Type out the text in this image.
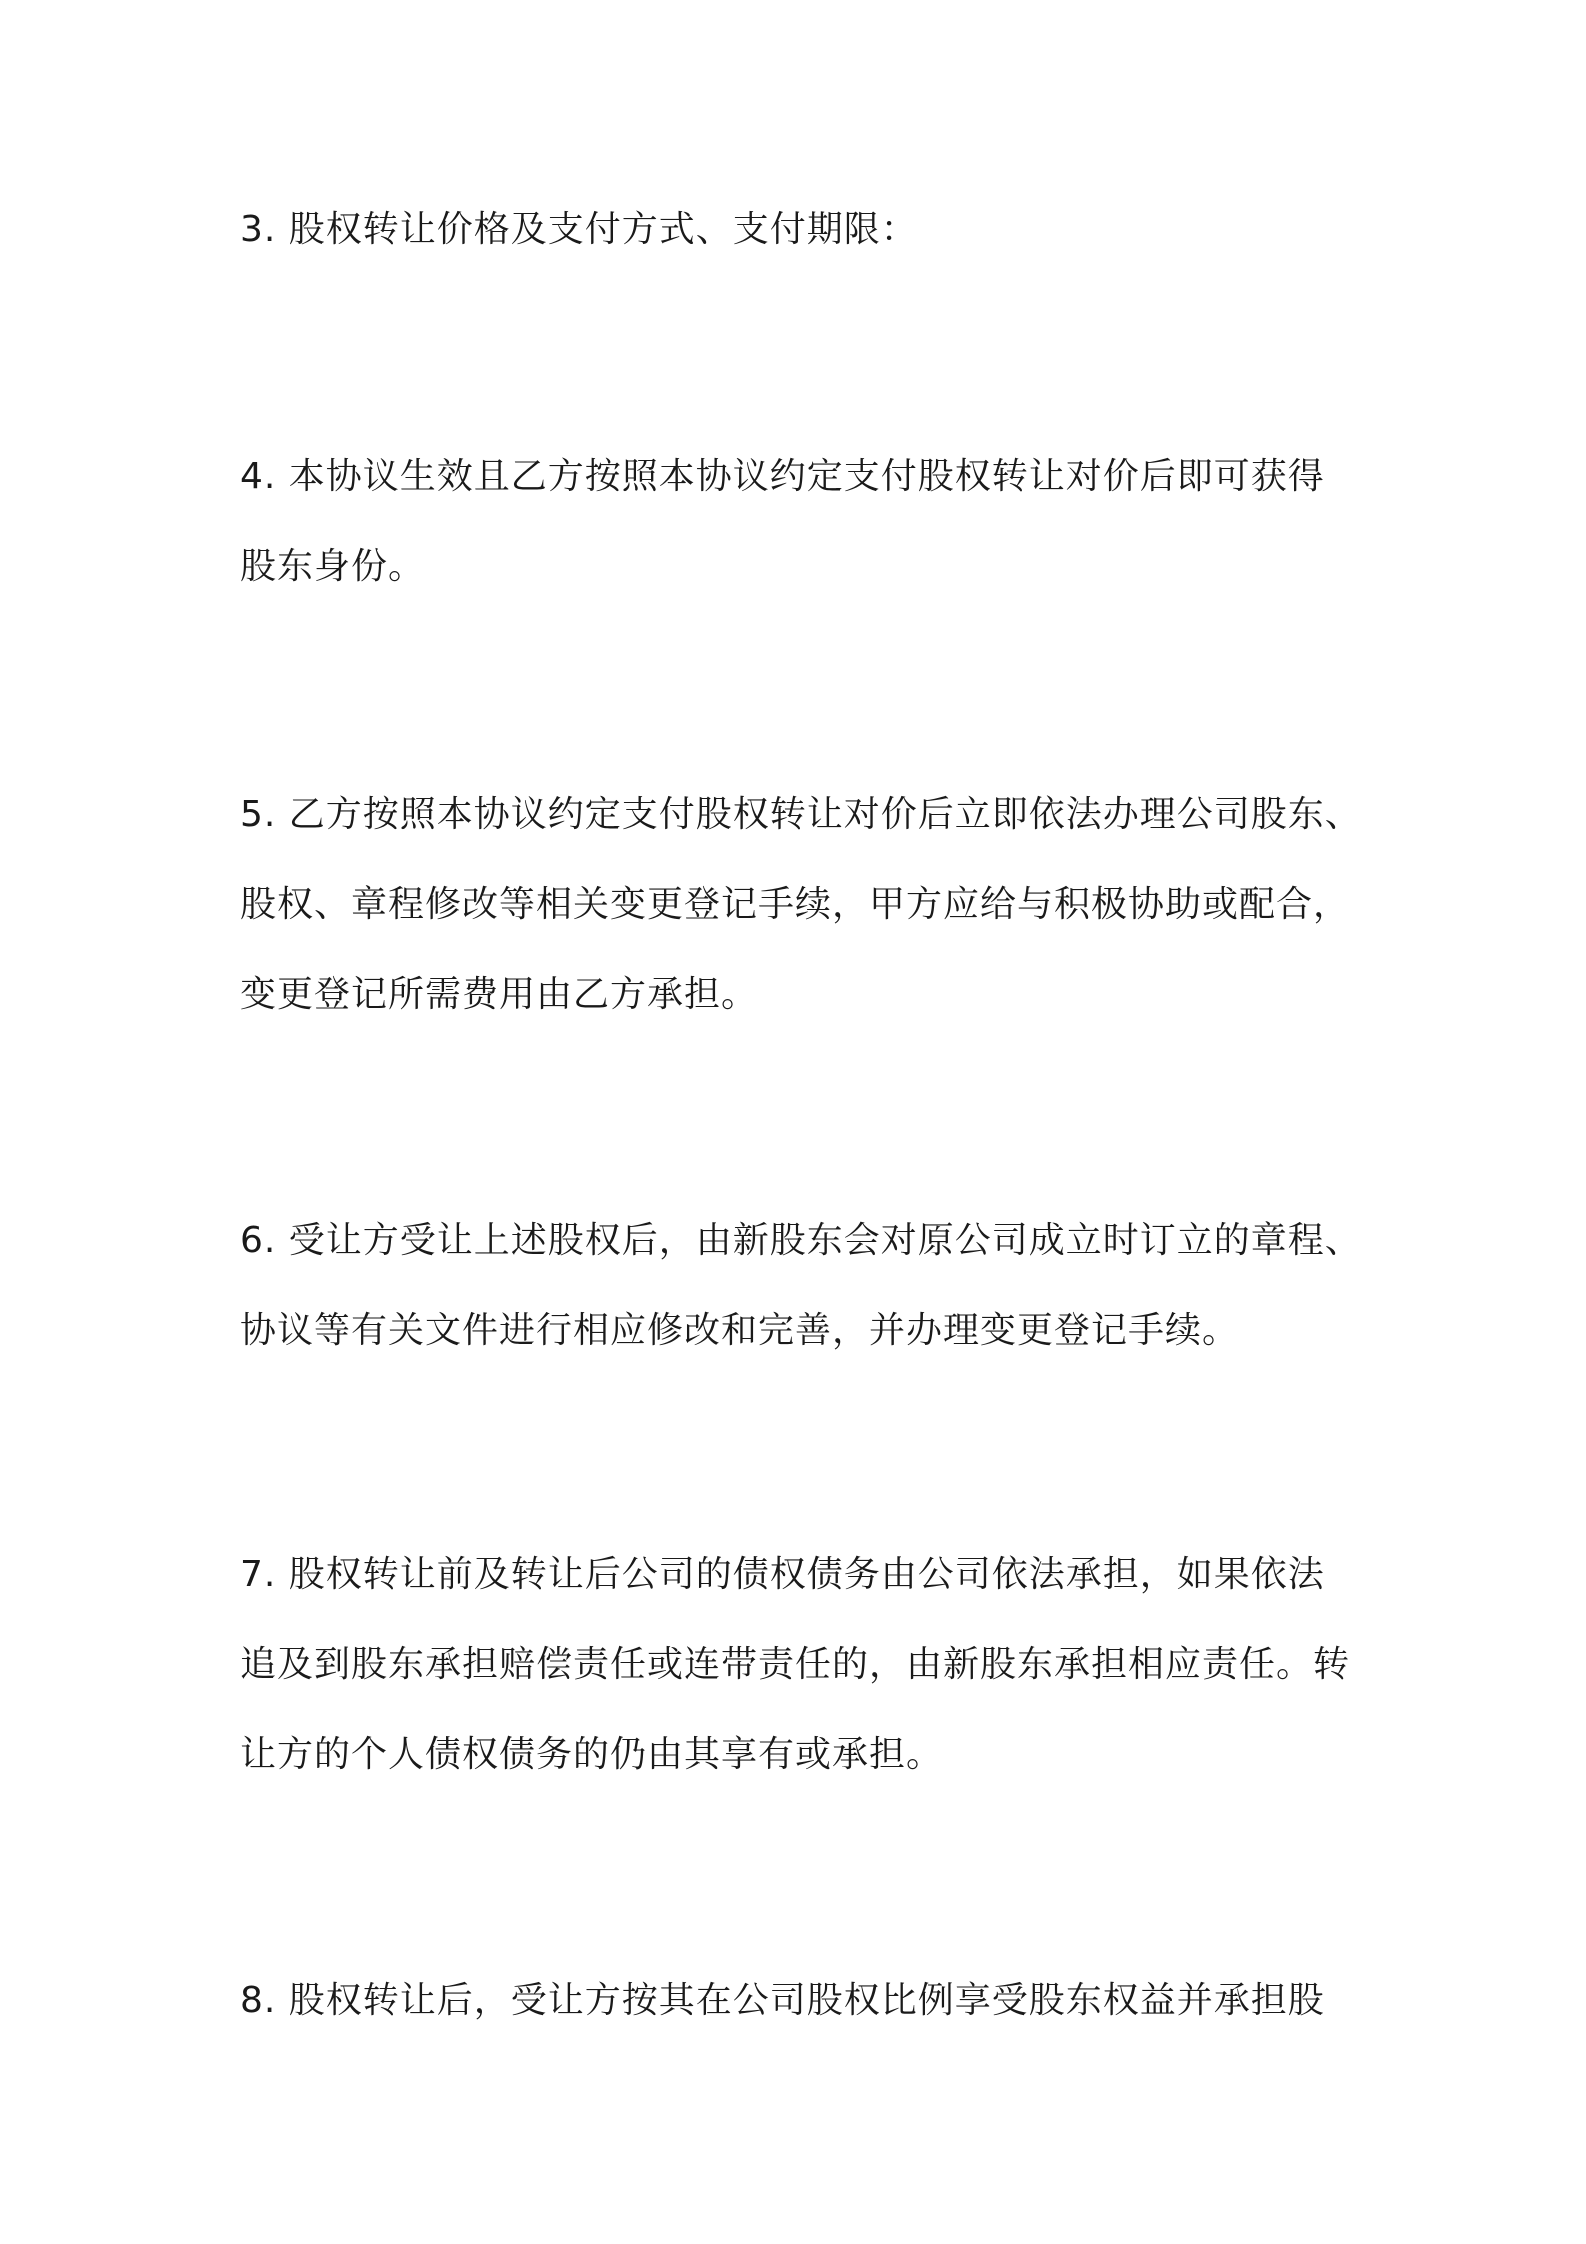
3. 股权转让价格及支付方式、支付期限：

4. 本协议生效且乙方按照本协议约定支付股权转让对价后即可获得
股东身份。

5. 乙方按照本协议约定支付股权转让对价后立即依法办理公司股东、
股权、章程修改等相关变更登记手续，甲方应给与积极协助或配合，
变更登记所需费用由乙方承担。

6. 受让方受让上述股权后，由新股东会对原公司成立时订立的章程、
协议等有关文件进行相应修改和完善，并办理变更登记手续。

7. 股权转让前及转让后公司的债权债务由公司依法承担，如果依法
追及到股东承担赔偿责任或连带责任的，由新股东承担相应责任。转
让方的个人债权债务的仍由其享有或承担。

8. 股权转让后，受让方按其在公司股权比例享受股东权益并承担股
